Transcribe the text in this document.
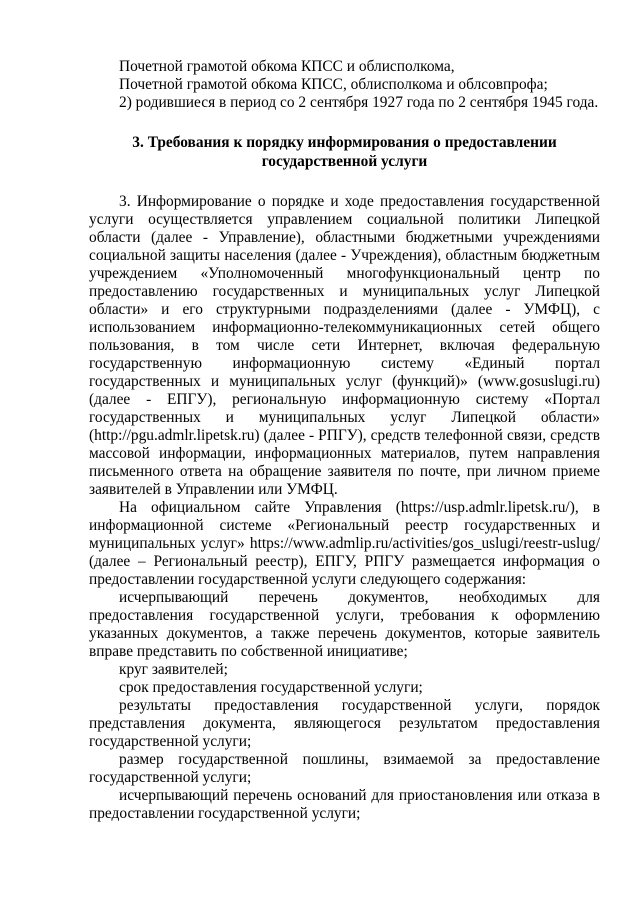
Почетной грамотой обкома КПСС и облисполкома,

Почетной грамотой обкома КПСС, облисполкома и облсовпрофа;

2) родившиеся в период со 2 сентября 1927 года по 2 сентября 1945 года.

3. Требования к порядку информирования о предоставлении
государственной услуги

3. Информирование о порядке и ходе предоставления государственной услуги осуществляется управлением социальной политики Липецкой области (далее - Управление), областными бюджетными учреждениями социальной защиты населения (далее - Учреждения), областным бюджетным учреждением «Уполномоченный многофункциональный центр по предоставлению государственных и муниципальных услуг Липецкой области» и его структурными подразделениями (далее - УМФЦ), с использованием информационно-телекоммуникационных сетей общего пользования, в том числе сети Интернет, включая федеральную государственную информационную систему «Единый портал государственных и муниципальных услуг (функций)» (www.gosuslugi.ru) (далее - ЕПГУ), региональную информационную систему «Портал государственных и муниципальных услуг Липецкой области» (http://pgu.admlr.lipetsk.ru) (далее - РПГУ), средств телефонной связи, средств массовой информации, информационных материалов, путем направления письменного ответа на обращение заявителя по почте, при личном приеме заявителей в Управлении или УМФЦ.

На официальном сайте Управления (https://usp.admlr.lipetsk.ru/), в информационной системе «Региональный реестр государственных и муниципальных услуг» https://www.admlip.ru/activities/gos_uslugi/reestr-uslug/ (далее – Региональный реестр), ЕПГУ, РПГУ размещается информация о предоставлении государственной услуги следующего содержания:

исчерпывающий перечень документов, необходимых для предоставления государственной услуги, требования к оформлению указанных документов, а также перечень документов, которые заявитель вправе представить по собственной инициативе;

круг заявителей;

срок предоставления государственной услуги;

результаты предоставления государственной услуги, порядок представления документа, являющегося результатом предоставления государственной услуги;

размер государственной пошлины, взимаемой за предоставление государственной услуги;

исчерпывающий перечень оснований для приостановления или отказа в предоставлении государственной услуги;
